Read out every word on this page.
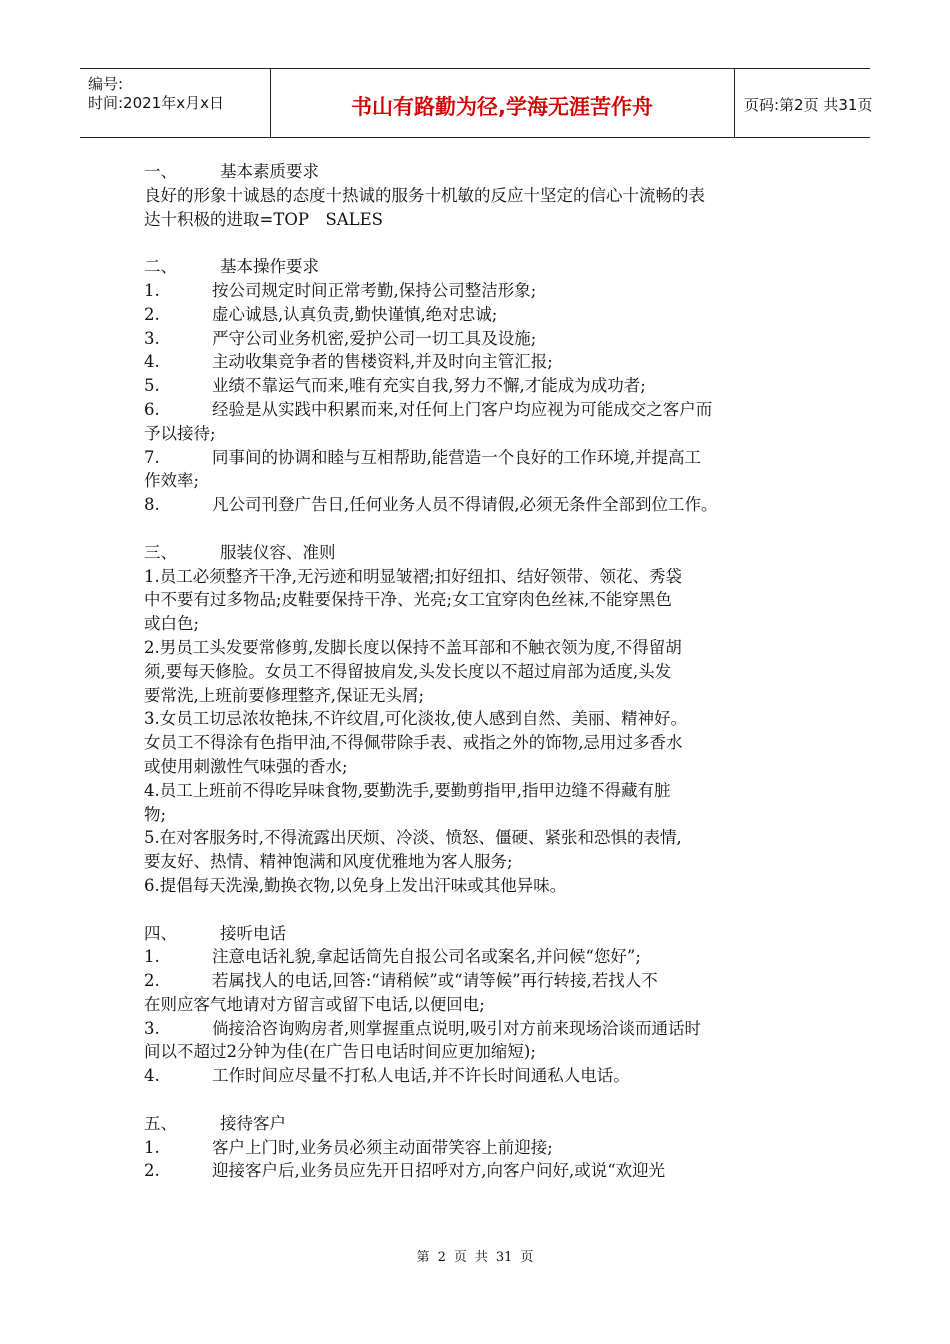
编号:
时间:2021年x月x日	书山有路勤为径,学海无涯苦作舟	页码:第2页 共31页
一、	基本素质要求
良好的形象十诚恳的态度十热诚的服务十机敏的反应十坚定的信心十流畅的表
达十积极的进取=TOP　SALES
二、	基本操作要求
1.	按公司规定时间正常考勤,保持公司整洁形象;
2.	虚心诚恳,认真负责,勤快谨慎,绝对忠诚;
3.	严守公司业务机密,爱护公司一切工具及设施;
4.	主动收集竞争者的售楼资料,并及时向主管汇报;
5.	业绩不靠运气而来,唯有充实自我,努力不懈,才能成为成功者;
6.	经验是从实践中积累而来,对任何上门客户均应视为可能成交之客户而
予以接待;
7.	同事间的协调和睦与互相帮助,能营造一个良好的工作环境,并提高工
作效率;
8.	凡公司刊登广告日,任何业务人员不得请假,必须无条件全部到位工作。
三、	服装仪容、准则
1.员工必须整齐干净,无污迹和明显皱褶;扣好纽扣、结好领带、领花、秀袋
中不要有过多物品;皮鞋要保持干净、光亮;女工宜穿肉色丝袜,不能穿黑色
或白色;
2.男员工头发要常修剪,发脚长度以保持不盖耳部和不触衣领为度,不得留胡
须,要每天修脸。女员工不得留披肩发,头发长度以不超过肩部为适度,头发
要常洗,上班前要修理整齐,保证无头屑;
3.女员工切忌浓妆艳抹,不许纹眉,可化淡妆,使人感到自然、美丽、精神好。
女员工不得涂有色指甲油,不得佩带除手表、戒指之外的饰物,忌用过多香水
或使用刺激性气味强的香水;
4.员工上班前不得吃异味食物,要勤洗手,要勤剪指甲,指甲边缝不得藏有脏
物;
5.在对客服务时,不得流露出厌烦、冷淡、愤怒、僵硬、紧张和恐惧的表情,
要友好、热情、精神饱满和风度优雅地为客人服务;
6.提倡每天洗澡,勤换衣物,以免身上发出汗味或其他异味。
四、	接听电话
1.	注意电话礼貌,拿起话筒先自报公司名或案名,并问候“您好”;
2.	若属找人的电话,回答:“请稍候”或“请等候”再行转接,若找人不
在则应客气地请对方留言或留下电话,以便回电;
3.	倘接洽咨询购房者,则掌握重点说明,吸引对方前来现场洽谈而通话时
间以不超过2分钟为佳(在广告日电话时间应更加缩短);
4.	工作时间应尽量不打私人电话,并不许长时间通私人电话。
五、	接待客户
1.	客户上门时,业务员必须主动面带笑容上前迎接;
2.	迎接客户后,业务员应先开日招呼对方,向客户问好,或说“欢迎光
第 2 页 共 31 页
